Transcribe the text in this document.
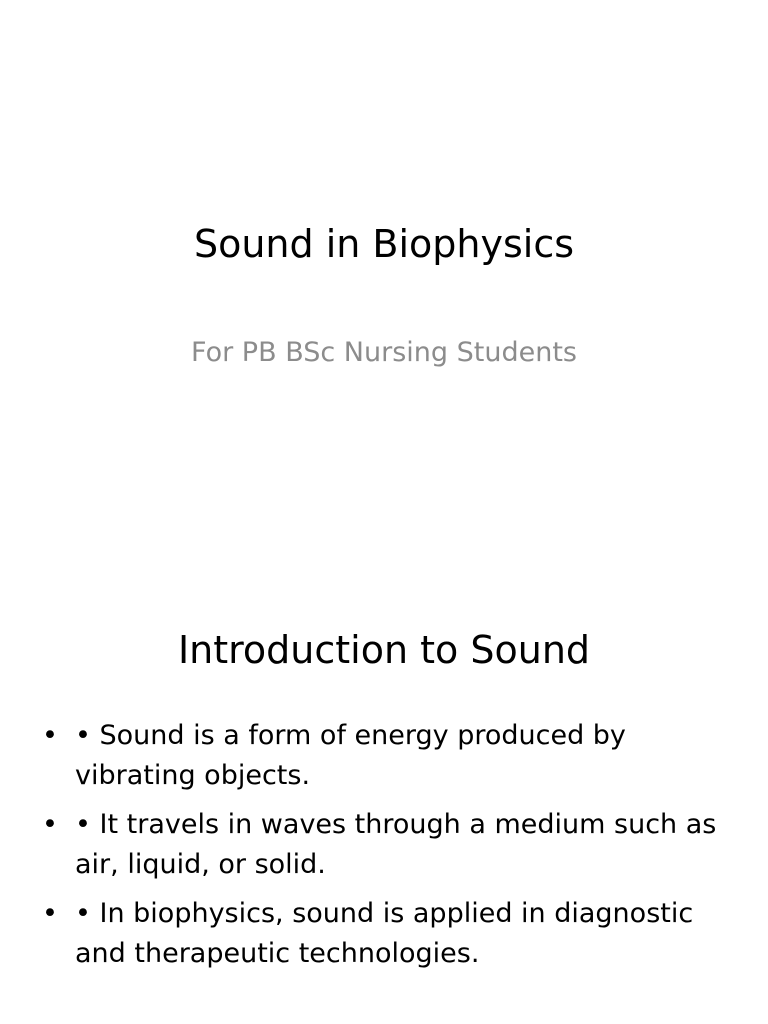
Sound in Biophysics
For PB BSc Nursing Students
Introduction to Sound
• • Sound is a form of energy produced by vibrating objects.
• • It travels in waves through a medium such as air, liquid, or solid.
• • In biophysics, sound is applied in diagnostic and therapeutic technologies.
